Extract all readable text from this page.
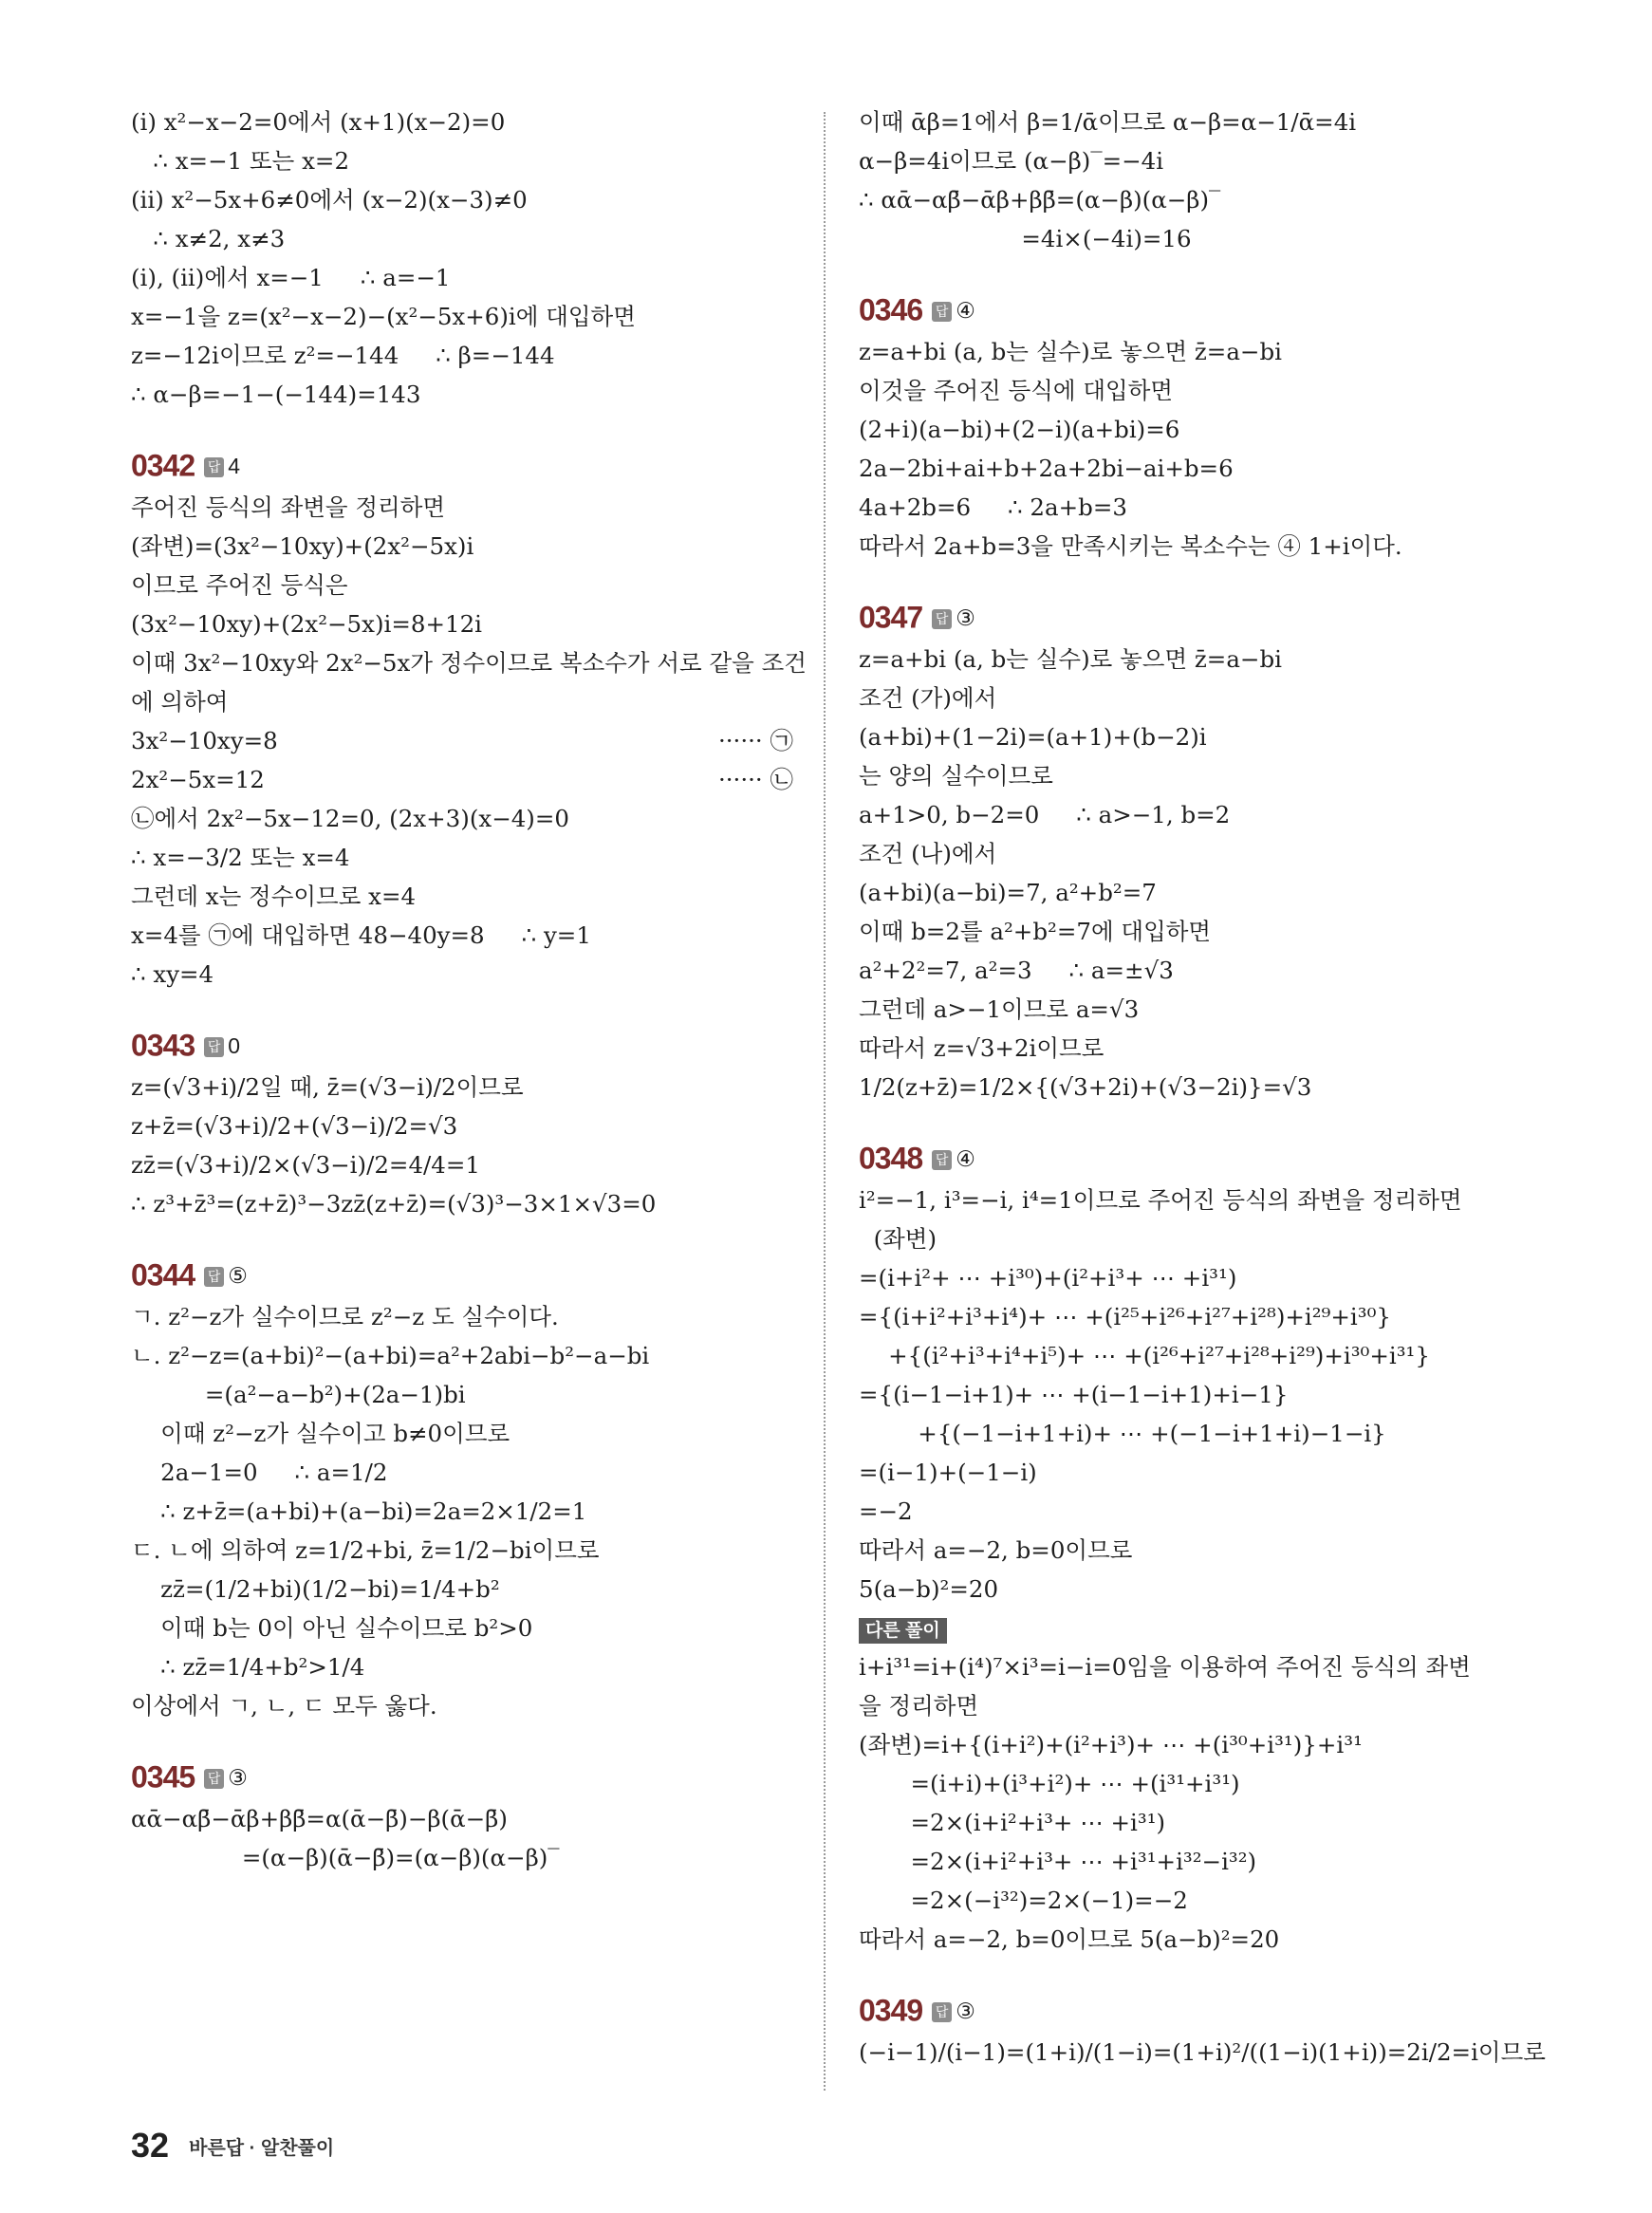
(i) x²−x−2=0에서 (x+1)(x−2)=0
∴ x=−1 또는 x=2
(ii) x²−5x+6≠0에서 (x−2)(x−3)≠0
∴ x≠2, x≠3
(i), (ii)에서 x=−1     ∴ a=−1
x=−1을 z=(x²−x−2)−(x²−5x+6)i에 대입하면
z=−12i이므로 z²=−144     ∴ β=−144
∴ α−β=−1−(−144)=143
0342 답 4
주어진 등식의 좌변을 정리하면
(좌변)=(3x²−10xy)+(2x²−5x)i
이므로 주어진 등식은
(3x²−10xy)+(2x²−5x)i=8+12i
이때 3x²−10xy와 2x²−5x가 정수이므로 복소수가 서로 같을 조건
에 의하여
······ ㉠
3x²−10xy=8
······ ㉡
2x²−5x=12
㉡에서 2x²−5x−12=0, (2x+3)(x−4)=0
∴ x=−3/2 또는 x=4
그런데 x는 정수이므로 x=4
x=4를 ㉠에 대입하면 48−40y=8     ∴ y=1
∴ xy=4
0343 답 0
z=(√3+i)/2일 때, z̄=(√3−i)/2이므로
z+z̄=(√3+i)/2+(√3−i)/2=√3
zz̄=(√3+i)/2×(√3−i)/2=4/4=1
∴ z³+z̄³=(z+z̄)³−3zz̄(z+z̄)=(√3)³−3×1×√3=0
0344 답 ⑤
ㄱ. z²−z가 실수이므로 z²−z 도 실수이다.
ㄴ. z²−z=(a+bi)²−(a+bi)=a²+2abi−b²−a−bi
=(a²−a−b²)+(2a−1)bi
이때 z²−z가 실수이고 b≠0이므로
2a−1=0     ∴ a=1/2
∴ z+z̄=(a+bi)+(a−bi)=2a=2×1/2=1
ㄷ. ㄴ에 의하여 z=1/2+bi, z̄=1/2−bi이므로
zz̄=(1/2+bi)(1/2−bi)=1/4+b²
이때 b는 0이 아닌 실수이므로 b²>0
∴ zz̄=1/4+b²>1/4
이상에서 ㄱ, ㄴ, ㄷ 모두 옳다.
0345 답 ③
αᾱ−αβ̄−ᾱβ+ββ̄=α(ᾱ−β̄)−β(ᾱ−β̄)
=(α−β)(ᾱ−β̄)=(α−β)(α−β)‾
이때 ᾱβ=1에서 β=1/ᾱ이므로 α−β=α−1/ᾱ=4i
α−β=4i이므로 (α−β)‾=−4i
∴ αᾱ−αβ̄−ᾱβ+ββ̄=(α−β)(α−β)‾
=4i×(−4i)=16
0346 답 ④
z=a+bi (a, b는 실수)로 놓으면 z̄=a−bi
이것을 주어진 등식에 대입하면
(2+i)(a−bi)+(2−i)(a+bi)=6
2a−2bi+ai+b+2a+2bi−ai+b=6
4a+2b=6     ∴ 2a+b=3
따라서 2a+b=3을 만족시키는 복소수는 ④ 1+i이다.
0347 답 ③
z=a+bi (a, b는 실수)로 놓으면 z̄=a−bi
조건 (가)에서
(a+bi)+(1−2i)=(a+1)+(b−2)i
는 양의 실수이므로
a+1>0, b−2=0     ∴ a>−1, b=2
조건 (나)에서
(a+bi)(a−bi)=7, a²+b²=7
이때 b=2를 a²+b²=7에 대입하면
a²+2²=7, a²=3     ∴ a=±√3
그런데 a>−1이므로 a=√3
따라서 z=√3+2i이므로
1/2(z+z̄)=1/2×{(√3+2i)+(√3−2i)}=√3
0348 답 ④
i²=−1, i³=−i, i⁴=1이므로 주어진 등식의 좌변을 정리하면
(좌변)
=(i+i²+ ⋯ +i³⁰)+(i²+i³+ ⋯ +i³¹)
={(i+i²+i³+i⁴)+ ⋯ +(i²⁵+i²⁶+i²⁷+i²⁸)+i²⁹+i³⁰}
+{(i²+i³+i⁴+i⁵)+ ⋯ +(i²⁶+i²⁷+i²⁸+i²⁹)+i³⁰+i³¹}
={(i−1−i+1)+ ⋯ +(i−1−i+1)+i−1}
+{(−1−i+1+i)+ ⋯ +(−1−i+1+i)−1−i}
=(i−1)+(−1−i)
=−2
따라서 a=−2, b=0이므로
5(a−b)²=20
다른 풀이
i+i³¹=i+(i⁴)⁷×i³=i−i=0임을 이용하여 주어진 등식의 좌변
을 정리하면
(좌변)=i+{(i+i²)+(i²+i³)+ ⋯ +(i³⁰+i³¹)}+i³¹
=(i+i)+(i³+i²)+ ⋯ +(i³¹+i³¹)
=2×(i+i²+i³+ ⋯ +i³¹)
=2×(i+i²+i³+ ⋯ +i³¹+i³²−i³²)
=2×(−i³²)=2×(−1)=−2
따라서 a=−2, b=0이므로 5(a−b)²=20
0349 답 ③
(−i−1)/(i−1)=(1+i)/(1−i)=(1+i)²/((1−i)(1+i))=2i/2=i이므로
32 바른답 · 알찬풀이
